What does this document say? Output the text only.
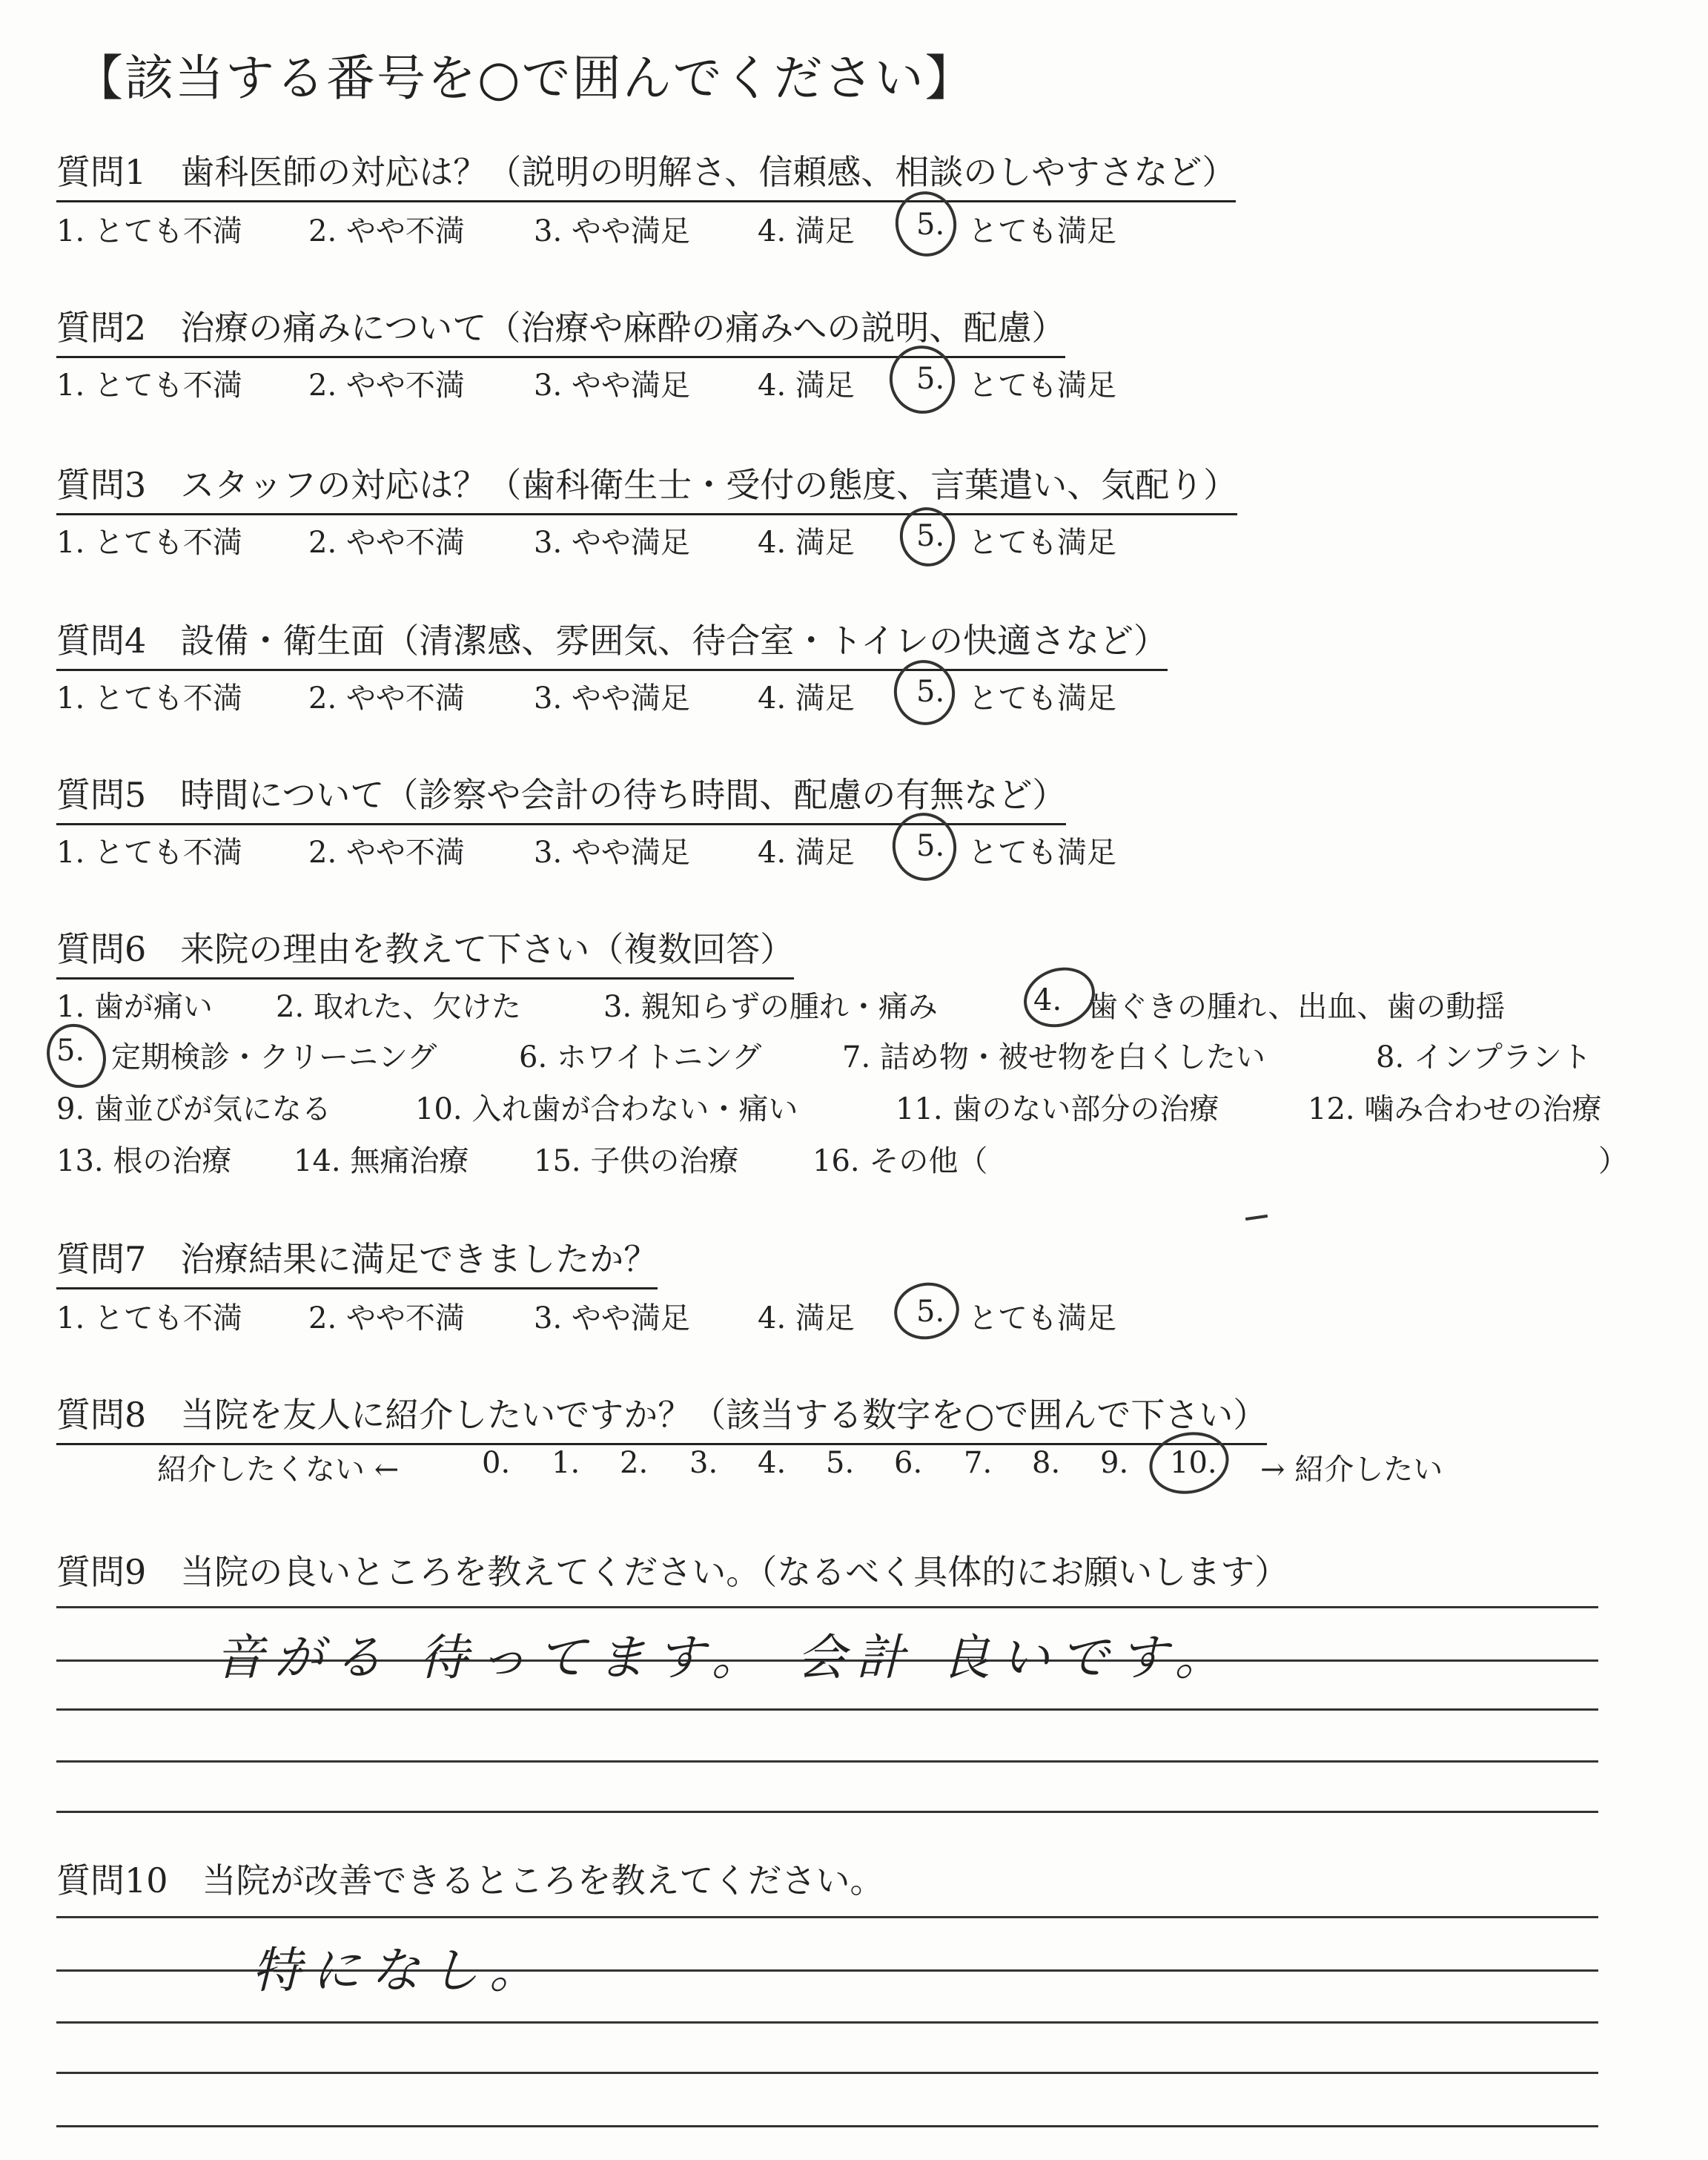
【該当する番号を○で囲んでください】
質問1　歯科医師の対応は？（説明の明解さ、信頼感、相談のしやすさなど）
1. とても不満 2. やや不満 3. やや満足 4. 満足 5. とても満足
質問2　治療の痛みについて（治療や麻酔の痛みへの説明、配慮）
1. とても不満 2. やや不満 3. やや満足 4. 満足 5. とても満足
質問3　スタッフの対応は？（歯科衛生士・受付の態度、言葉遣い、気配り）
1. とても不満 2. やや不満 3. やや満足 4. 満足 5. とても満足
質問4　設備・衛生面（清潔感、雰囲気、待合室・トイレの快適さなど）
1. とても不満 2. やや不満 3. やや満足 4. 満足 5. とても満足
質問5　時間について（診察や会計の待ち時間、配慮の有無など）
1. とても不満 2. やや不満 3. やや満足 4. 満足 5. とても満足
質問6　来院の理由を教えて下さい（複数回答）
1. 歯が痛い 2. 取れた、欠けた	3. 親知らずの腫れ・痛み	4. 歯ぐきの腫れ、出血、歯の動揺
5. 定期検診・クリーニング	6. ホワイトニング	7. 詰め物・被せ物を白くしたい	8. インプラント
9. 歯並びが気になる	10. 入れ歯が合わない・痛い	11. 歯のない部分の治療	12. 噛み合わせの治療
13. 根の治療 14. 無痛治療 15. 子供の治療 16. その他（	）
質問7　治療結果に満足できましたか？
1. とても不満 2. やや不満 3. やや満足 4. 満足 5. とても満足
質問8　当院を友人に紹介したいですか？（該当する数字を○で囲んで下さい）
紹介したくない ←	0. 1. 2. 3. 4. 5. 6. 7. 8. 9. 10. → 紹介したい
質問9　当院の良いところを教えてください。（なるべく具体的にお願いします）
音がる 待ってます。 会計 良いです。
質問10　当院が改善できるところを教えてください。
特になし。
